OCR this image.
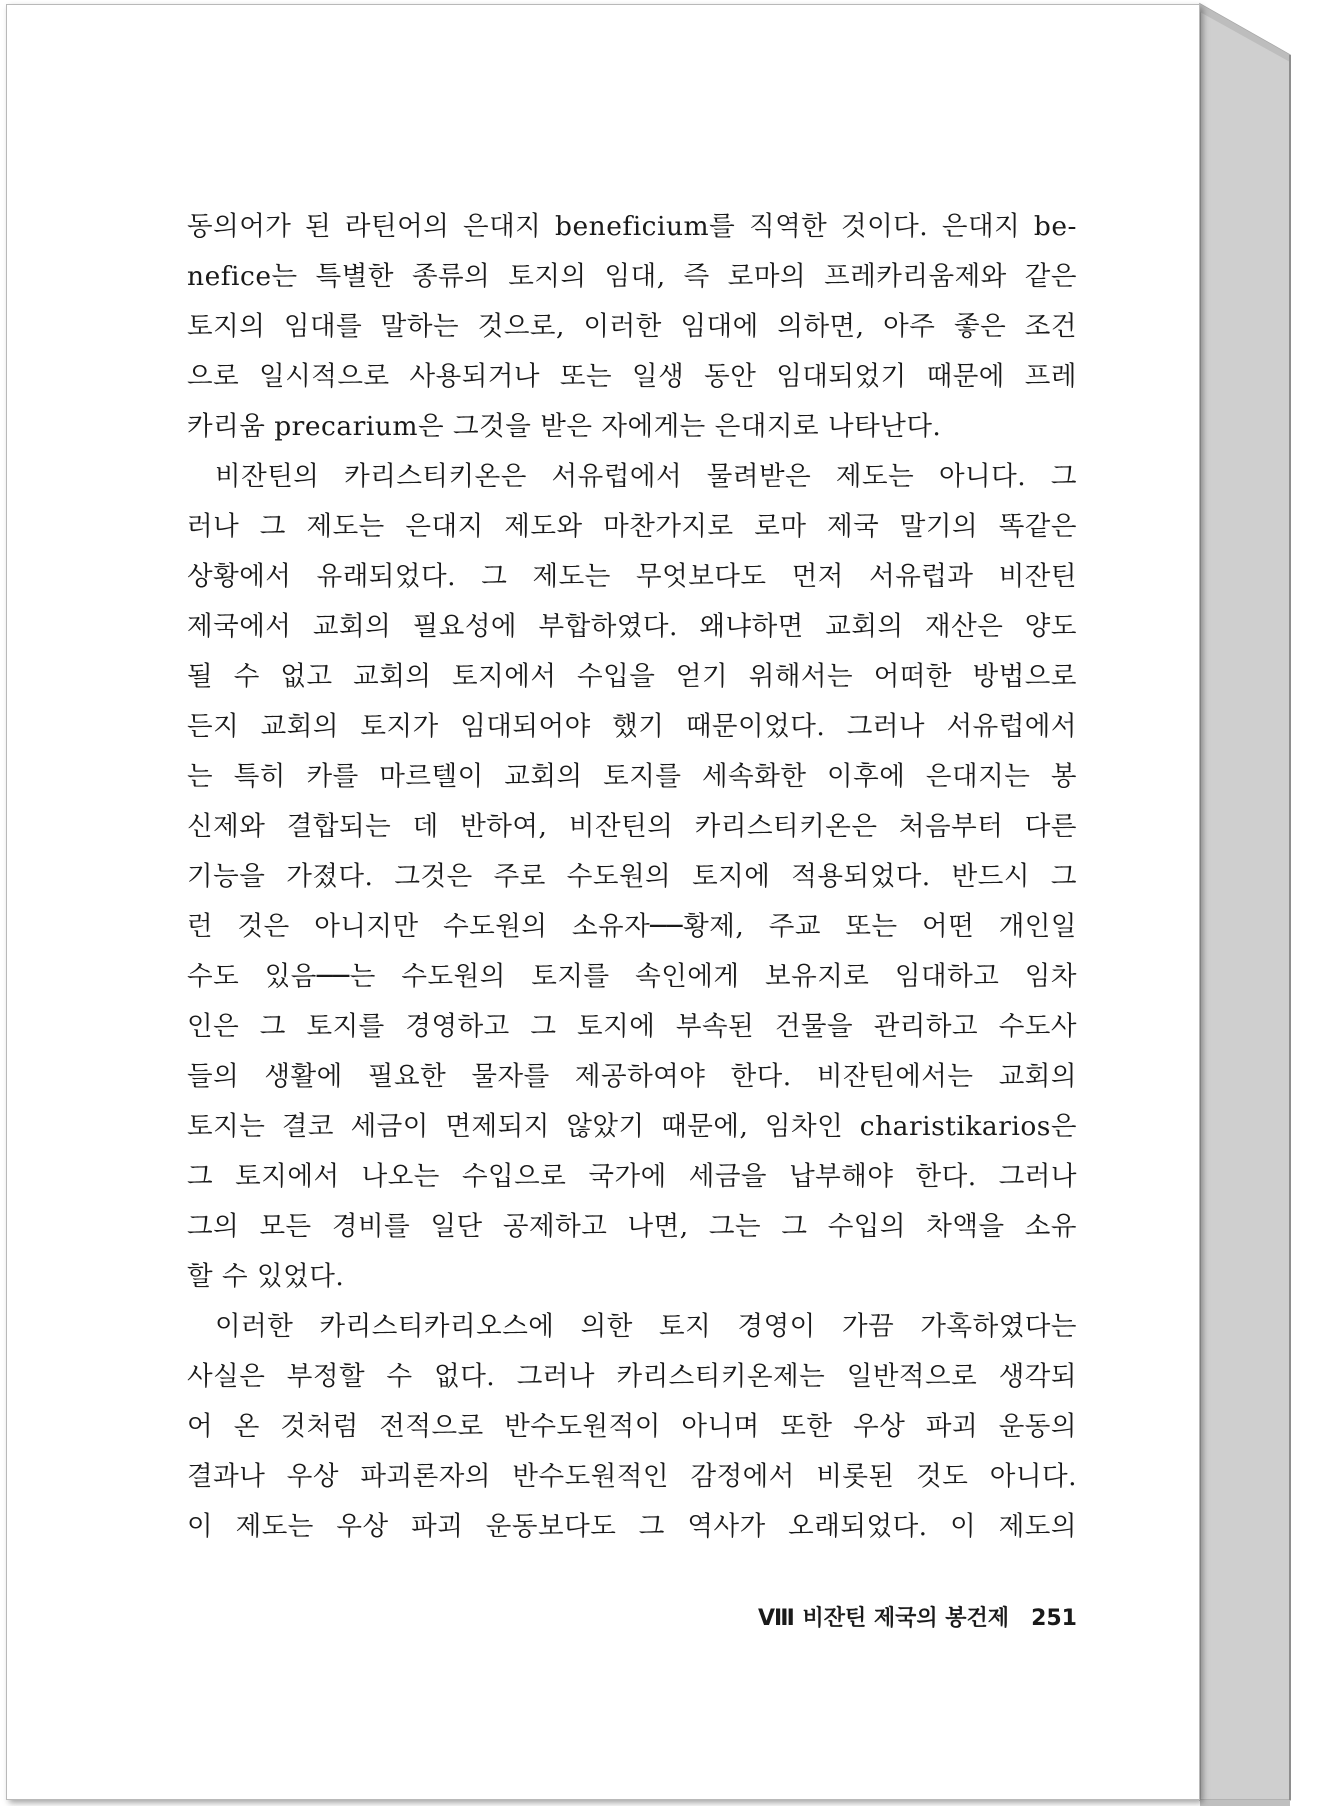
동의어가 된 라틴어의 은대지 beneficium를 직역한 것이다. 은대지 be-
nefice는 특별한 종류의 토지의 임대, 즉 로마의 프레카리움제와 같은
토지의 임대를 말하는 것으로, 이러한 임대에 의하면, 아주 좋은 조건
으로 일시적으로 사용되거나 또는 일생 동안 임대되었기 때문에 프레
카리움 precarium은 그것을 받은 자에게는 은대지로 나타난다.
비잔틴의 카리스티키온은 서유럽에서 물려받은 제도는 아니다. 그
러나 그 제도는 은대지 제도와 마찬가지로 로마 제국 말기의 똑같은
상황에서 유래되었다. 그 제도는 무엇보다도 먼저 서유럽과 비잔틴
제국에서 교회의 필요성에 부합하였다. 왜냐하면 교회의 재산은 양도
될 수 없고 교회의 토지에서 수입을 얻기 위해서는 어떠한 방법으로
든지 교회의 토지가 임대되어야 했기 때문이었다. 그러나 서유럽에서
는 특히 카를 마르텔이 교회의 토지를 세속화한 이후에 은대지는 봉
신제와 결합되는 데 반하여, 비잔틴의 카리스티키온은 처음부터 다른
기능을 가졌다. 그것은 주로 수도원의 토지에 적용되었다. 반드시 그
런 것은 아니지만 수도원의 소유자──황제, 주교 또는 어떤 개인일
수도 있음──는 수도원의 토지를 속인에게 보유지로 임대하고 임차
인은 그 토지를 경영하고 그 토지에 부속된 건물을 관리하고 수도사
들의 생활에 필요한 물자를 제공하여야 한다. 비잔틴에서는 교회의
토지는 결코 세금이 면제되지 않았기 때문에, 임차인 charistikarios은
그 토지에서 나오는 수입으로 국가에 세금을 납부해야 한다. 그러나
그의 모든 경비를 일단 공제하고 나면, 그는 그 수입의 차액을 소유
할 수 있었다.
이러한 카리스티카리오스에 의한 토지 경영이 가끔 가혹하였다는
사실은 부정할 수 없다. 그러나 카리스티키온제는 일반적으로 생각되
어 온 것처럼 전적으로 반수도원적이 아니며 또한 우상 파괴 운동의
결과나 우상 파괴론자의 반수도원적인 감정에서 비롯된 것도 아니다.
이 제도는 우상 파괴 운동보다도 그 역사가 오래되었다. 이 제도의
Ⅷ 비잔틴 제국의 봉건제 251
